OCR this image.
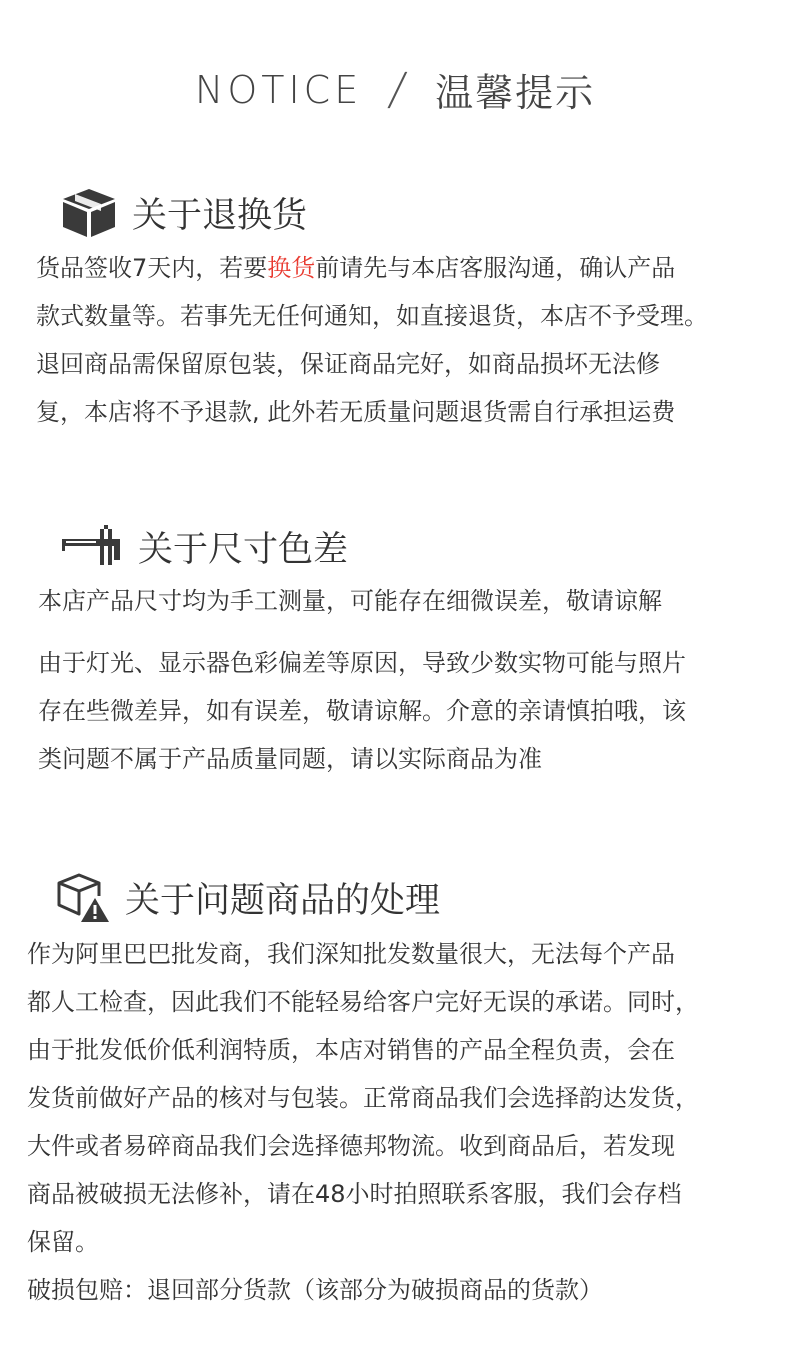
NOTICE / 温馨提示
关于退换货
货品签收7天内，若要换货前请先与本店客服沟通，确认产品
款式数量等。若事先无任何通知，如直接退货，本店不予受理。
退回商品需保留原包装，保证商品完好，如商品损坏无法修
复，本店将不予退款, 此外若无质量问题退货需自行承担运费
关于尺寸色差
本店产品尺寸均为手工测量，可能存在细微误差，敬请谅解
由于灯光、显示器色彩偏差等原因，导致少数实物可能与照片
存在些微差异，如有误差，敬请谅解。介意的亲请慎拍哦，该
类问题不属于产品质量同题，请以实际商品为准
关于问题商品的处理
作为阿里巴巴批发商，我们深知批发数量很大，无法每个产品
都人工检查，因此我们不能轻易给客户完好无误的承诺。同时，
由于批发低价低利润特质，本店对销售的产品全程负责，会在
发货前做好产品的核对与包装。正常商品我们会选择韵达发货，
大件或者易碎商品我们会选择德邦物流。收到商品后，若发现
商品被破损无法修补，请在48小时拍照联系客服，我们会存档
保留。
破损包赔：退回部分货款（该部分为破损商品的货款）
